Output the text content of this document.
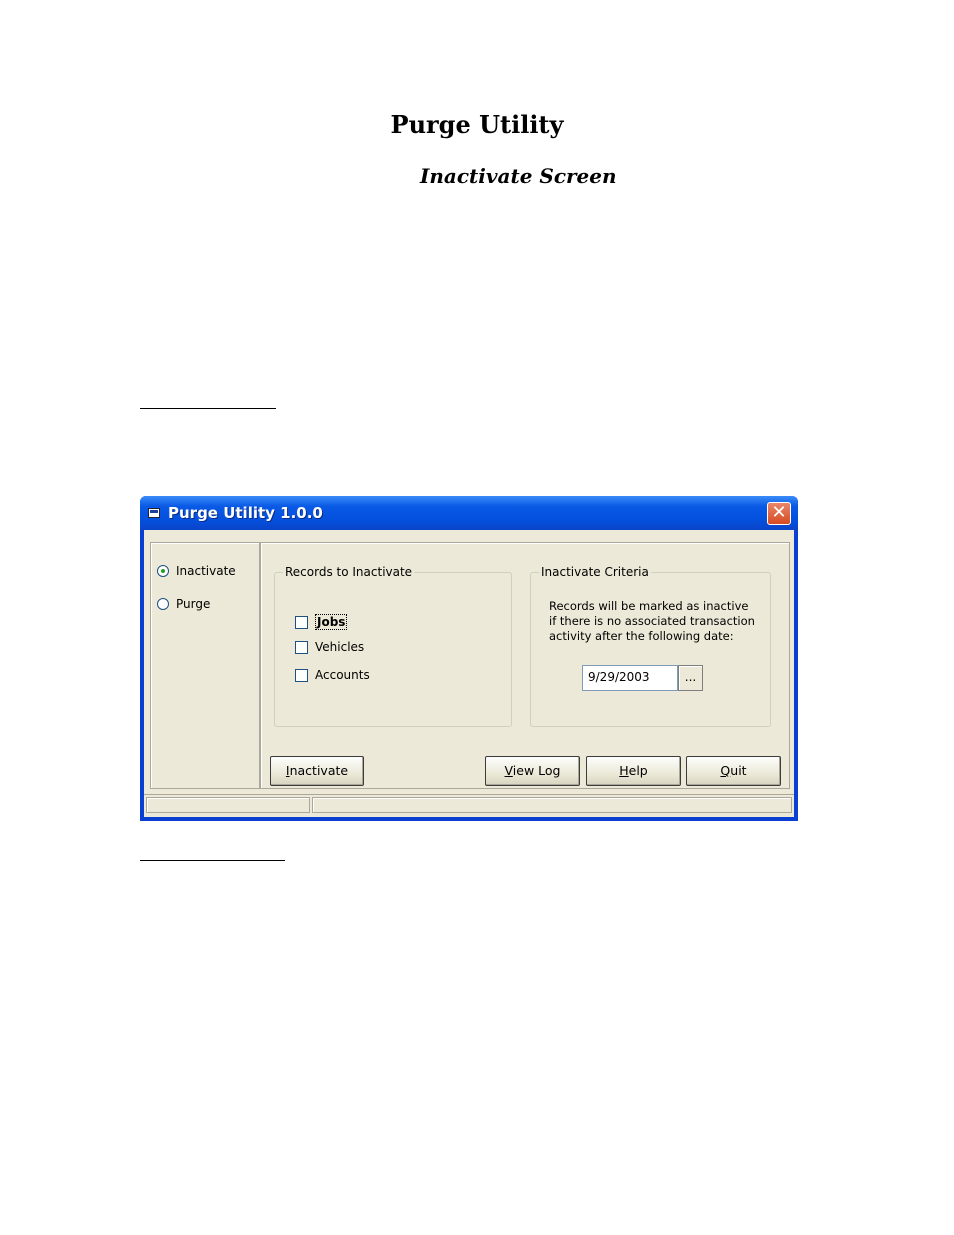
Purge Utility
Inactivate Screen
Purge Utility 1.0.0	✕
Inactivate
Purge
Records to Inactivate
Jobs
Vehicles
Accounts
Inactivate Criteria
Records will be marked as inactive if there is no associated transaction activity after the following date:
9/29/2003	...
Inactivate	View Log	Help	Quit
